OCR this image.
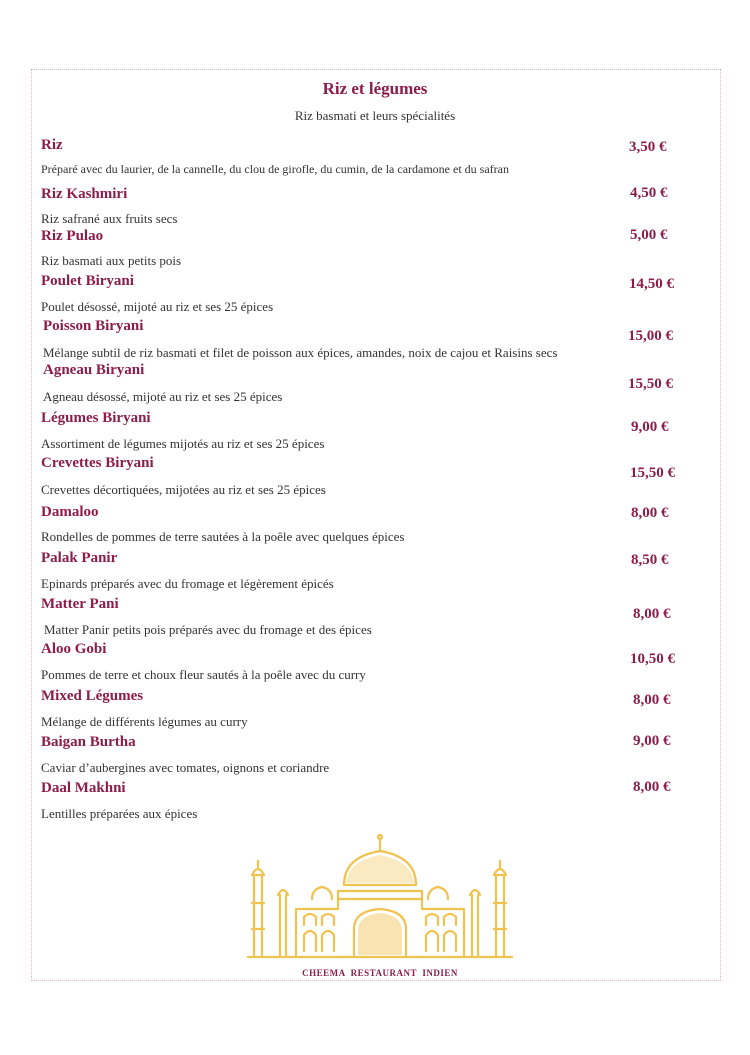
Riz et légumes
Riz basmati et leurs spécialités
Riz
Préparé avec du laurier, de la cannelle, du clou de girofle, du cumin, de la cardamone et du safran
3,50 €
Riz Kashmiri
Riz safrané aux fruits secs
4,50 €
Riz Pulao
Riz basmati aux petits pois
5,00 €
Poulet Biryani
Poulet désossé, mijoté au riz et ses 25 épices
14,50 €
Poisson Biryani
Mélange subtil de riz basmati et filet de poisson aux épices, amandes, noix de cajou et Raisins secs
15,00 €
Agneau Biryani
Agneau désossé, mijoté au riz et ses 25 épices
15,50 €
Légumes Biryani
Assortiment de légumes mijotés au riz et ses 25 épices
9,00 €
Crevettes Biryani
Crevettes décortiquées, mijotées au riz et ses 25 épices
15,50 €
Damaloo
Rondelles de pommes de terre sautées à la poêle avec quelques épices
8,00 €
Palak Panir
Epinards préparés avec du fromage et légèrement épicés
8,50 €
Matter Pani
Matter Panir petits pois préparés avec du fromage et des épices
8,00 €
Aloo Gobi
Pommes de terre et choux fleur sautés à la poêle avec du curry
10,50 €
Mixed Légumes
Mélange de différents légumes au curry
8,00 €
Baigan Burtha
Caviar d’aubergines avec tomates, oignons et coriandre
9,00 €
Daal Makhni
Lentilles préparées aux épices
8,00 €
CHEEMA  RESTAURANT  INDIEN
